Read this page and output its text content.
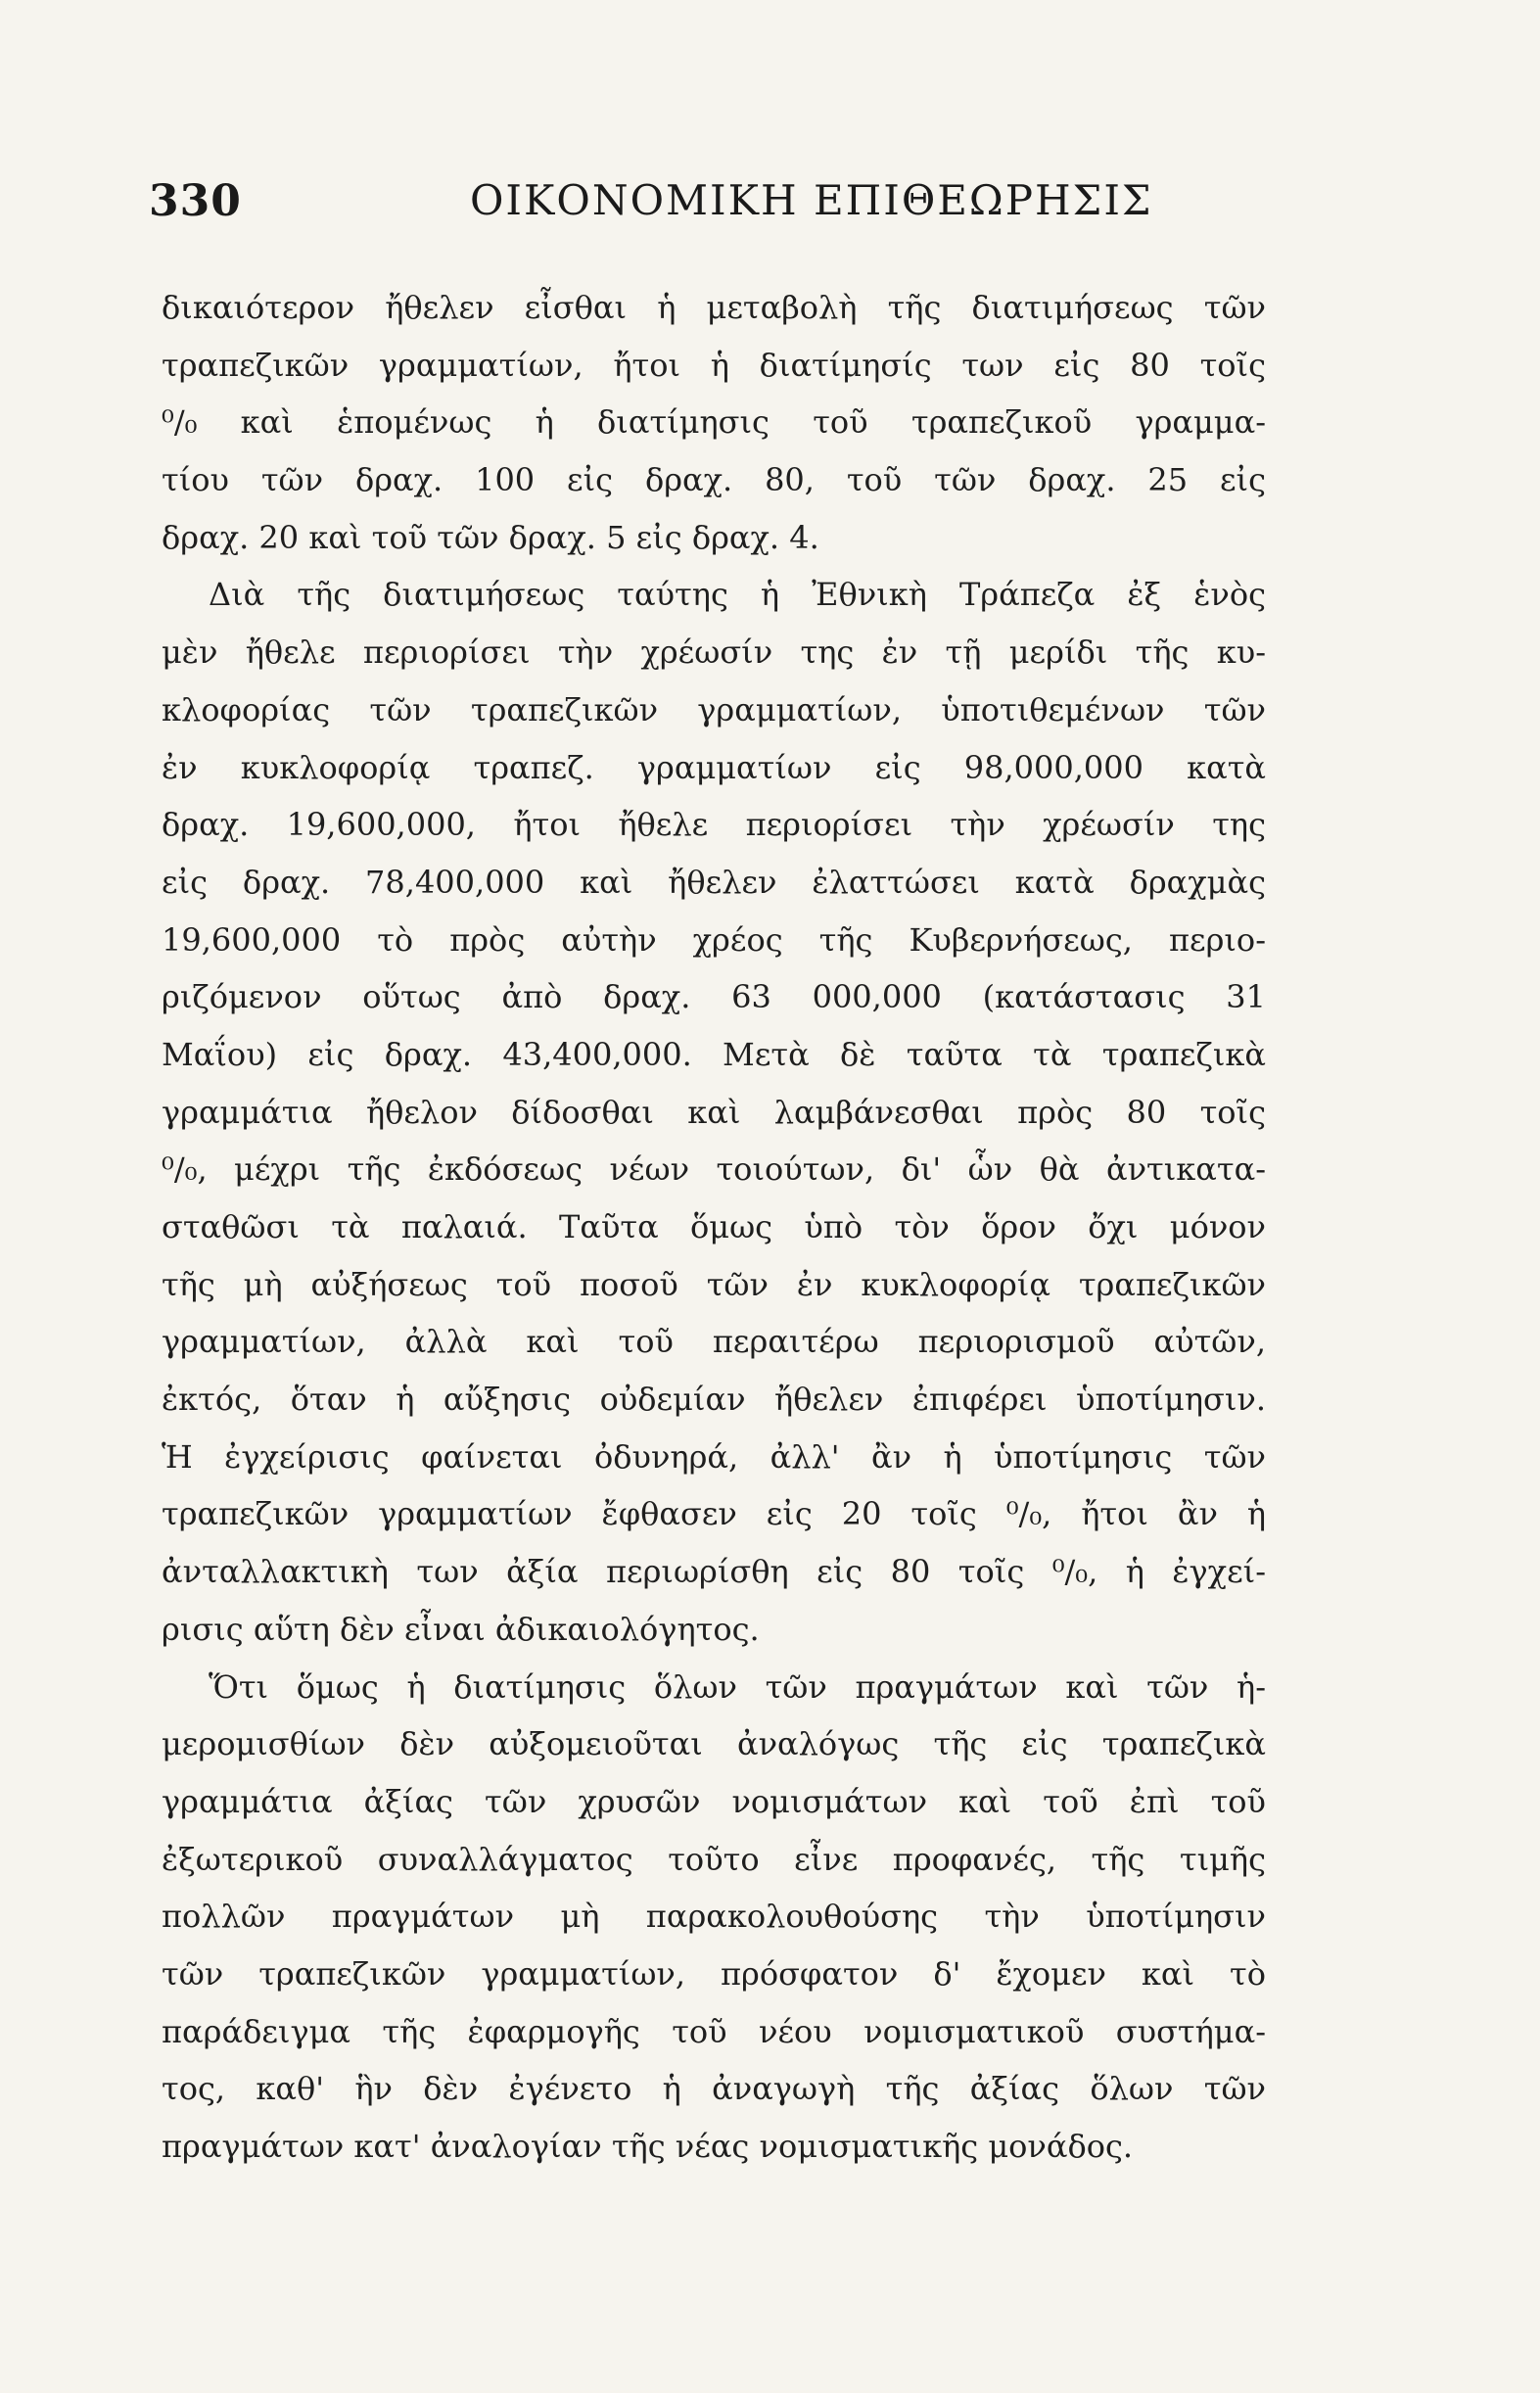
330	ΟΙΚΟΝΟΜΙΚΗ ΕΠΙΘΕΩΡΗΣΙΣ
δικαιότερον ἤθελεν εἶσθαι ἡ μεταβολὴ τῆς διατιμήσεως τῶν
τραπεζικῶν γραμματίων, ἤτοι ἡ διατίμησίς των εἰς 80 τοῖς
⁰/₀ καὶ ἑπομένως ἡ διατίμησις τοῦ τραπεζικοῦ γραμμα-
τίου τῶν δραχ. 100 εἰς δραχ. 80, τοῦ τῶν δραχ. 25 εἰς
δραχ. 20 καὶ τοῦ τῶν δραχ. 5 εἰς δραχ. 4.
Διὰ τῆς διατιμήσεως ταύτης ἡ Ἐθνικὴ Τράπεζα ἐξ ἑνὸς
μὲν ἤθελε περιορίσει τὴν χρέωσίν της ἐν τῇ μερίδι τῆς κυ-
κλοφορίας τῶν τραπεζικῶν γραμματίων, ὑποτιθεμένων τῶν
ἐν κυκλοφορίᾳ τραπεζ. γραμματίων εἰς 98,000,000 κατὰ
δραχ. 19,600,000, ἤτοι ἤθελε περιορίσει τὴν χρέωσίν της
εἰς δραχ. 78,400,000 καὶ ἤθελεν ἐλαττώσει κατὰ δραχμὰς
19,600,000 τὸ πρὸς αὐτὴν χρέος τῆς Κυβερνήσεως, περιο-
ριζόμενον οὕτως ἀπὸ δραχ. 63 000,000 (κατάστασις 31
Μαΐου) εἰς δραχ. 43,400,000. Μετὰ δὲ ταῦτα τὰ τραπεζικὰ
γραμμάτια ἤθελον δίδοσθαι καὶ λαμβάνεσθαι πρὸς 80 τοῖς
⁰/₀, μέχρι τῆς ἐκδόσεως νέων τοιούτων, δι' ὧν θὰ ἀντικατα-
σταθῶσι τὰ παλαιά. Ταῦτα ὅμως ὑπὸ τὸν ὅρον ὄχι μόνον
τῆς μὴ αὐξήσεως τοῦ ποσοῦ τῶν ἐν κυκλοφορίᾳ τραπεζικῶν
γραμματίων, ἀλλὰ καὶ τοῦ περαιτέρω περιορισμοῦ αὐτῶν,
ἐκτός, ὅταν ἡ αὔξησις οὐδεμίαν ἤθελεν ἐπιφέρει ὑποτίμησιν.
Ἡ ἐγχείρισις φαίνεται ὀδυνηρά, ἀλλ' ἂν ἡ ὑποτίμησις τῶν
τραπεζικῶν γραμματίων ἔφθασεν εἰς 20 τοῖς ⁰/₀, ἤτοι ἂν ἡ
ἀνταλλακτικὴ των ἀξία περιωρίσθη εἰς 80 τοῖς ⁰/₀, ἡ ἐγχεί-
ρισις αὕτη δὲν εἶναι ἀδικαιολόγητος.
Ὅτι ὅμως ἡ διατίμησις ὅλων τῶν πραγμάτων καὶ τῶν ἡ-
μερομισθίων δὲν αὐξομειοῦται ἀναλόγως τῆς εἰς τραπεζικὰ
γραμμάτια ἀξίας τῶν χρυσῶν νομισμάτων καὶ τοῦ ἐπὶ τοῦ
ἐξωτερικοῦ συναλλάγματος τοῦτο εἶνε προφανές, τῆς τιμῆς
πολλῶν πραγμάτων μὴ παρακολουθούσης τὴν ὑποτίμησιν
τῶν τραπεζικῶν γραμματίων, πρόσφατον δ' ἔχομεν καὶ τὸ
παράδειγμα τῆς ἐφαρμογῆς τοῦ νέου νομισματικοῦ συστήμα-
τος, καθ' ἣν δὲν ἐγένετο ἡ ἀναγωγὴ τῆς ἀξίας ὅλων τῶν
πραγμάτων κατ' ἀναλογίαν τῆς νέας νομισματικῆς μονάδος.
